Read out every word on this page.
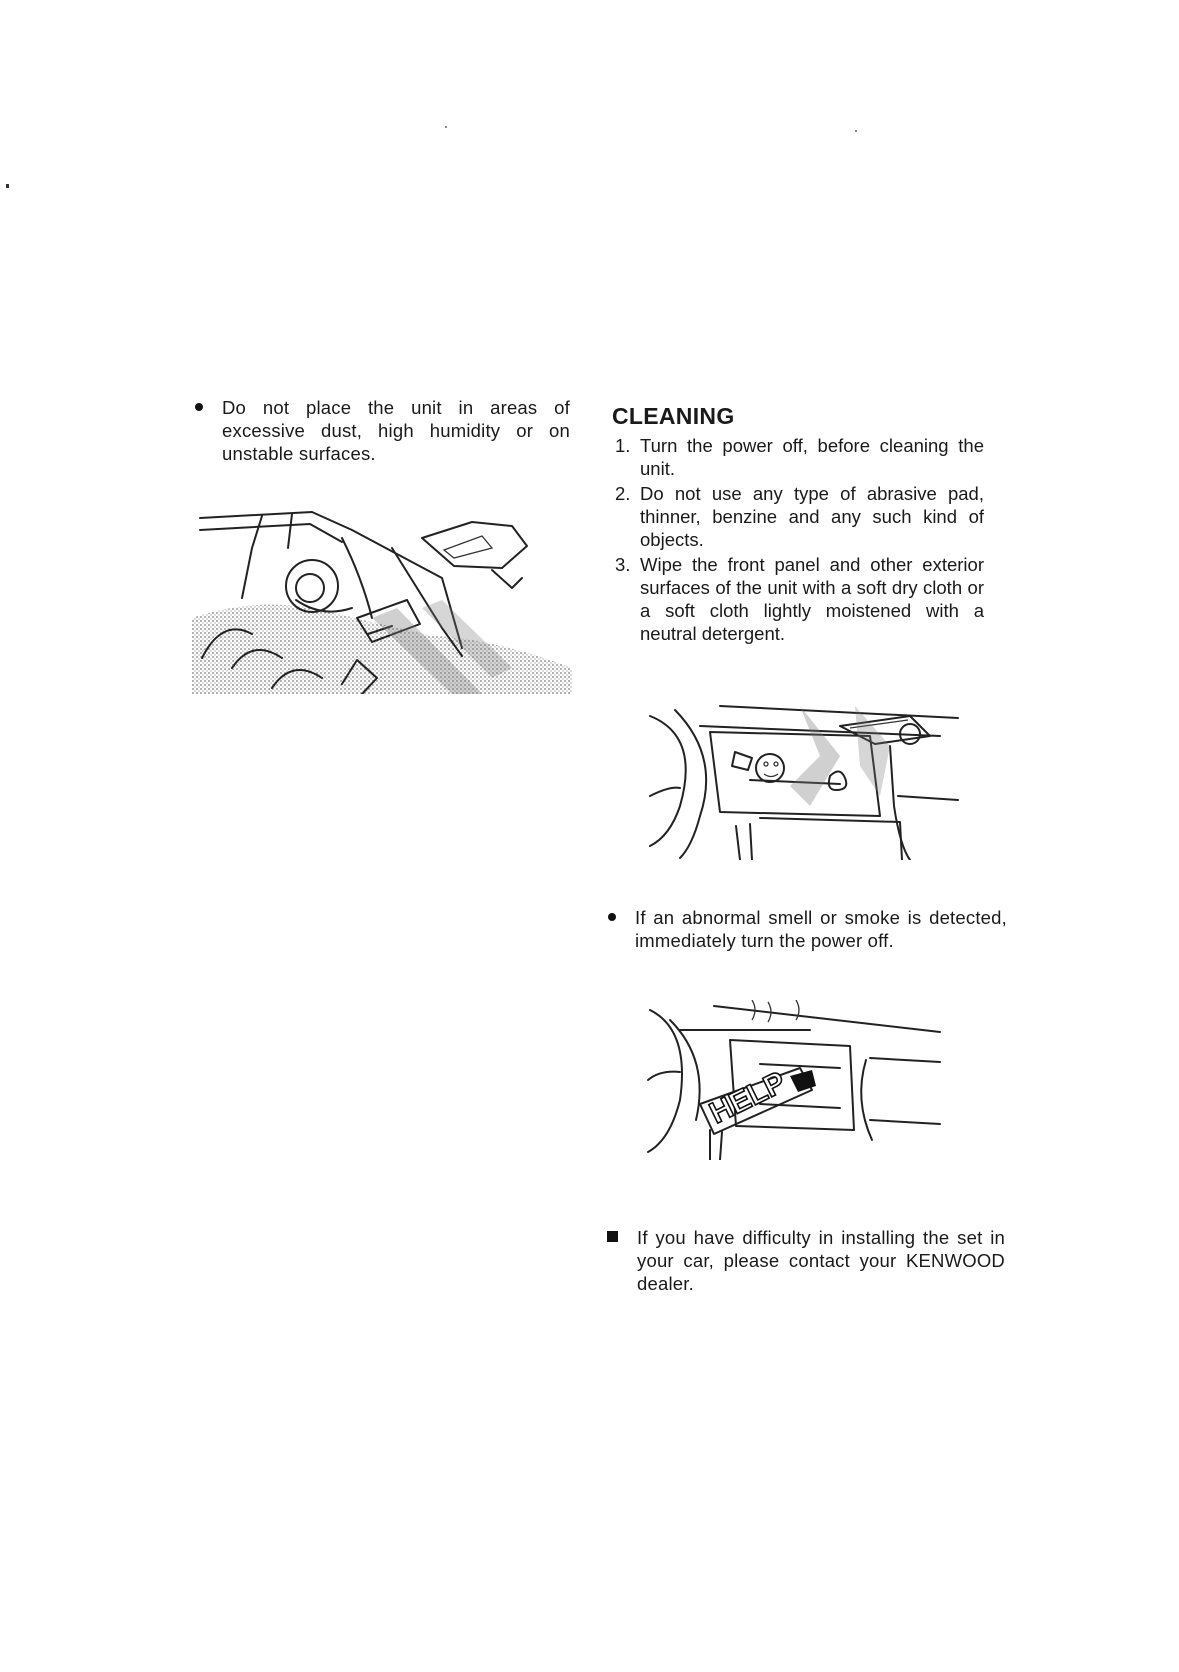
Do not place the unit in areas of excessive dust, high humidity or on unstable surfaces.
CLEANING
1. Turn the power off, before cleaning the unit.
2. Do not use any type of abrasive pad, thinner, benzine and any such kind of objects.
3. Wipe the front panel and other exterior surfaces of the unit with a soft dry cloth or a soft cloth lightly moistened with a neutral detergent.
If an abnormal smell or smoke is detected, immediately turn the power off.
HELP
If you have difficulty in installing the set in your car, please contact your KENWOOD dealer.
